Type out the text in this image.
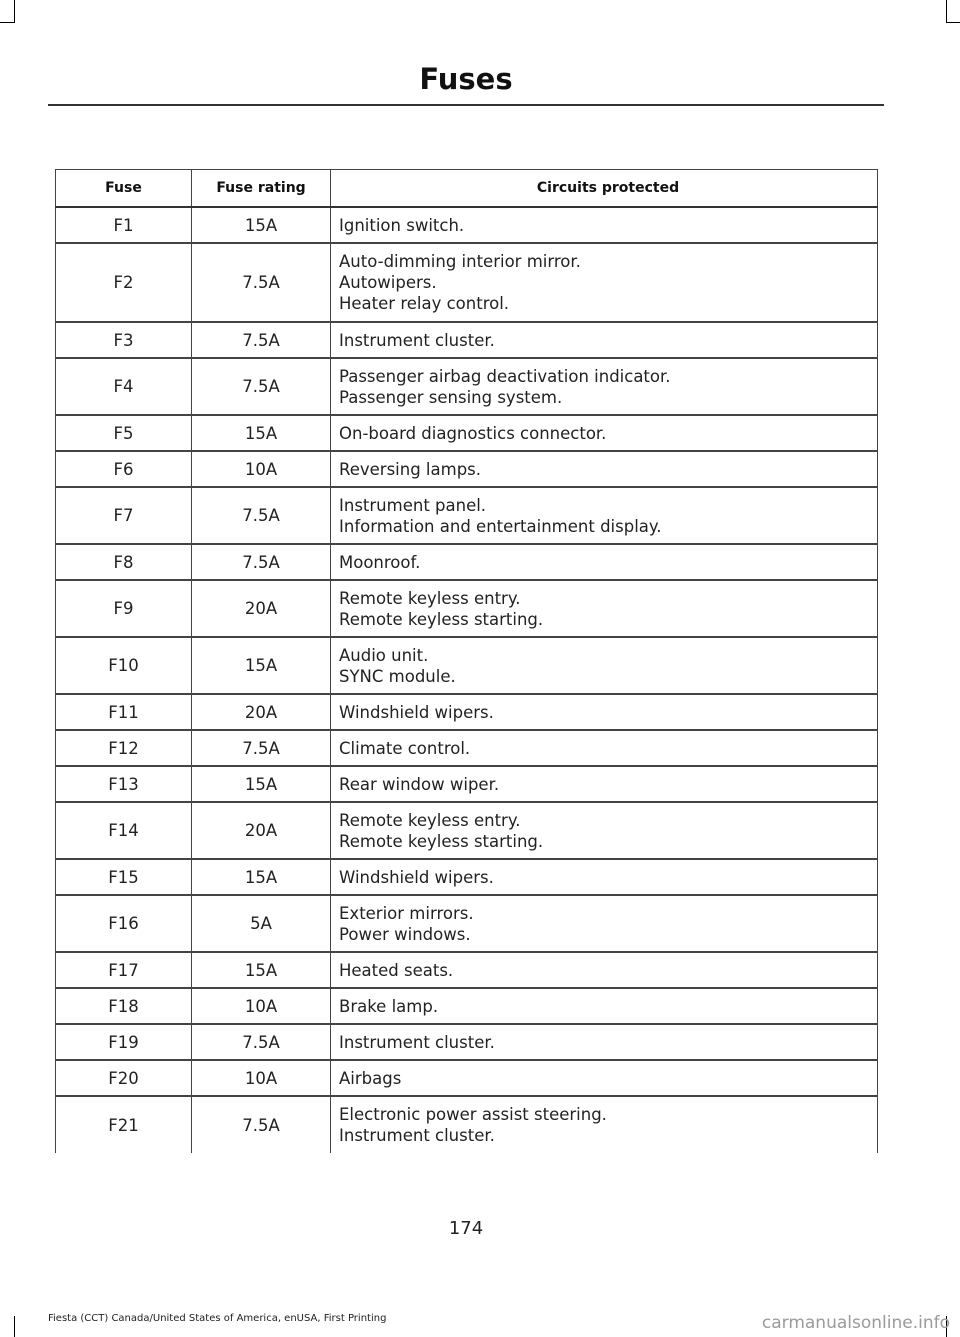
Fuses
Fuse	Fuse rating	Circuits protected
F1	15A	Ignition switch.

F2	7.5A	Auto-dimming interior mirror.
Autowipers.
Heater relay control.

F3	7.5A	Instrument cluster.

F4	7.5A	Passenger airbag deactivation indicator.
Passenger sensing system.

F5	15A	On-board diagnostics connector.

F6	10A	Reversing lamps.

F7	7.5A	Instrument panel.
Information and entertainment display.

F8	7.5A	Moonroof.

F9	20A	Remote keyless entry.
Remote keyless starting.

F10	15A	Audio unit.
SYNC module.

F11	20A	Windshield wipers.

F12	7.5A	Climate control.

F13	15A	Rear window wiper.

F14	20A	Remote keyless entry.
Remote keyless starting.

F15	15A	Windshield wipers.

F16	5A	Exterior mirrors.
Power windows.

F17	15A	Heated seats.

F18	10A	Brake lamp.

F19	7.5A	Instrument cluster.

F20	10A	Airbags

F21	7.5A	Electronic power assist steering.
Instrument cluster.
174
Fiesta (CCT) Canada/United States of America, enUSA, First Printing	carmanualsonline.info
